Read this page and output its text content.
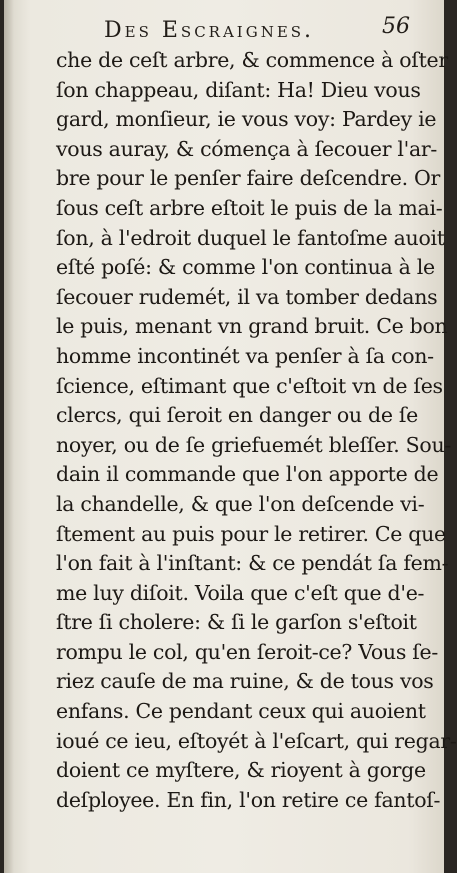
Des Escraignes.	56
che de ceſt arbre, & commence à oſter
ſon chappeau, diſant: Ha! Dieu vous
gard, monſieur, ie vous voy: Pardey ie
vous auray, & cómença à ſecouer l'ar-
bre pour le penſer faire deſcendre. Or
ſous ceſt arbre eſtoit le puis de la mai-
ſon, à l'edroit duquel le fantoſme auoit
eſté poſé: & comme l'on continua à le
ſecouer rudemét, il va tomber dedans
le puis, menant vn grand bruit. Ce bon
homme incontinét va penſer à ſa con-
ſcience, eſtimant que c'eſtoit vn de ſes
clercs, qui ſeroit en danger ou de ſe
noyer, ou de ſe griefuemét bleſſer. Sou-
dain il commande que l'on apporte de
la chandelle, & que l'on deſcende vi-
ſtement au puis pour le retirer. Ce que
l'on fait à l'inſtant: & ce pendát ſa fem-
me luy diſoit. Voila que c'eſt que d'e-
ſtre ſi cholere: & ſi le garſon s'eſtoit
rompu le col, qu'en ſeroit-ce? Vous ſe-
riez cauſe de ma ruine, & de tous vos
enfans. Ce pendant ceux qui auoient
ioué ce ieu, eſtoyét à l'eſcart, qui regar-
doient ce myſtere, & rioyent à gorge
deſployee. En fin, l'on retire ce fantoſ-
